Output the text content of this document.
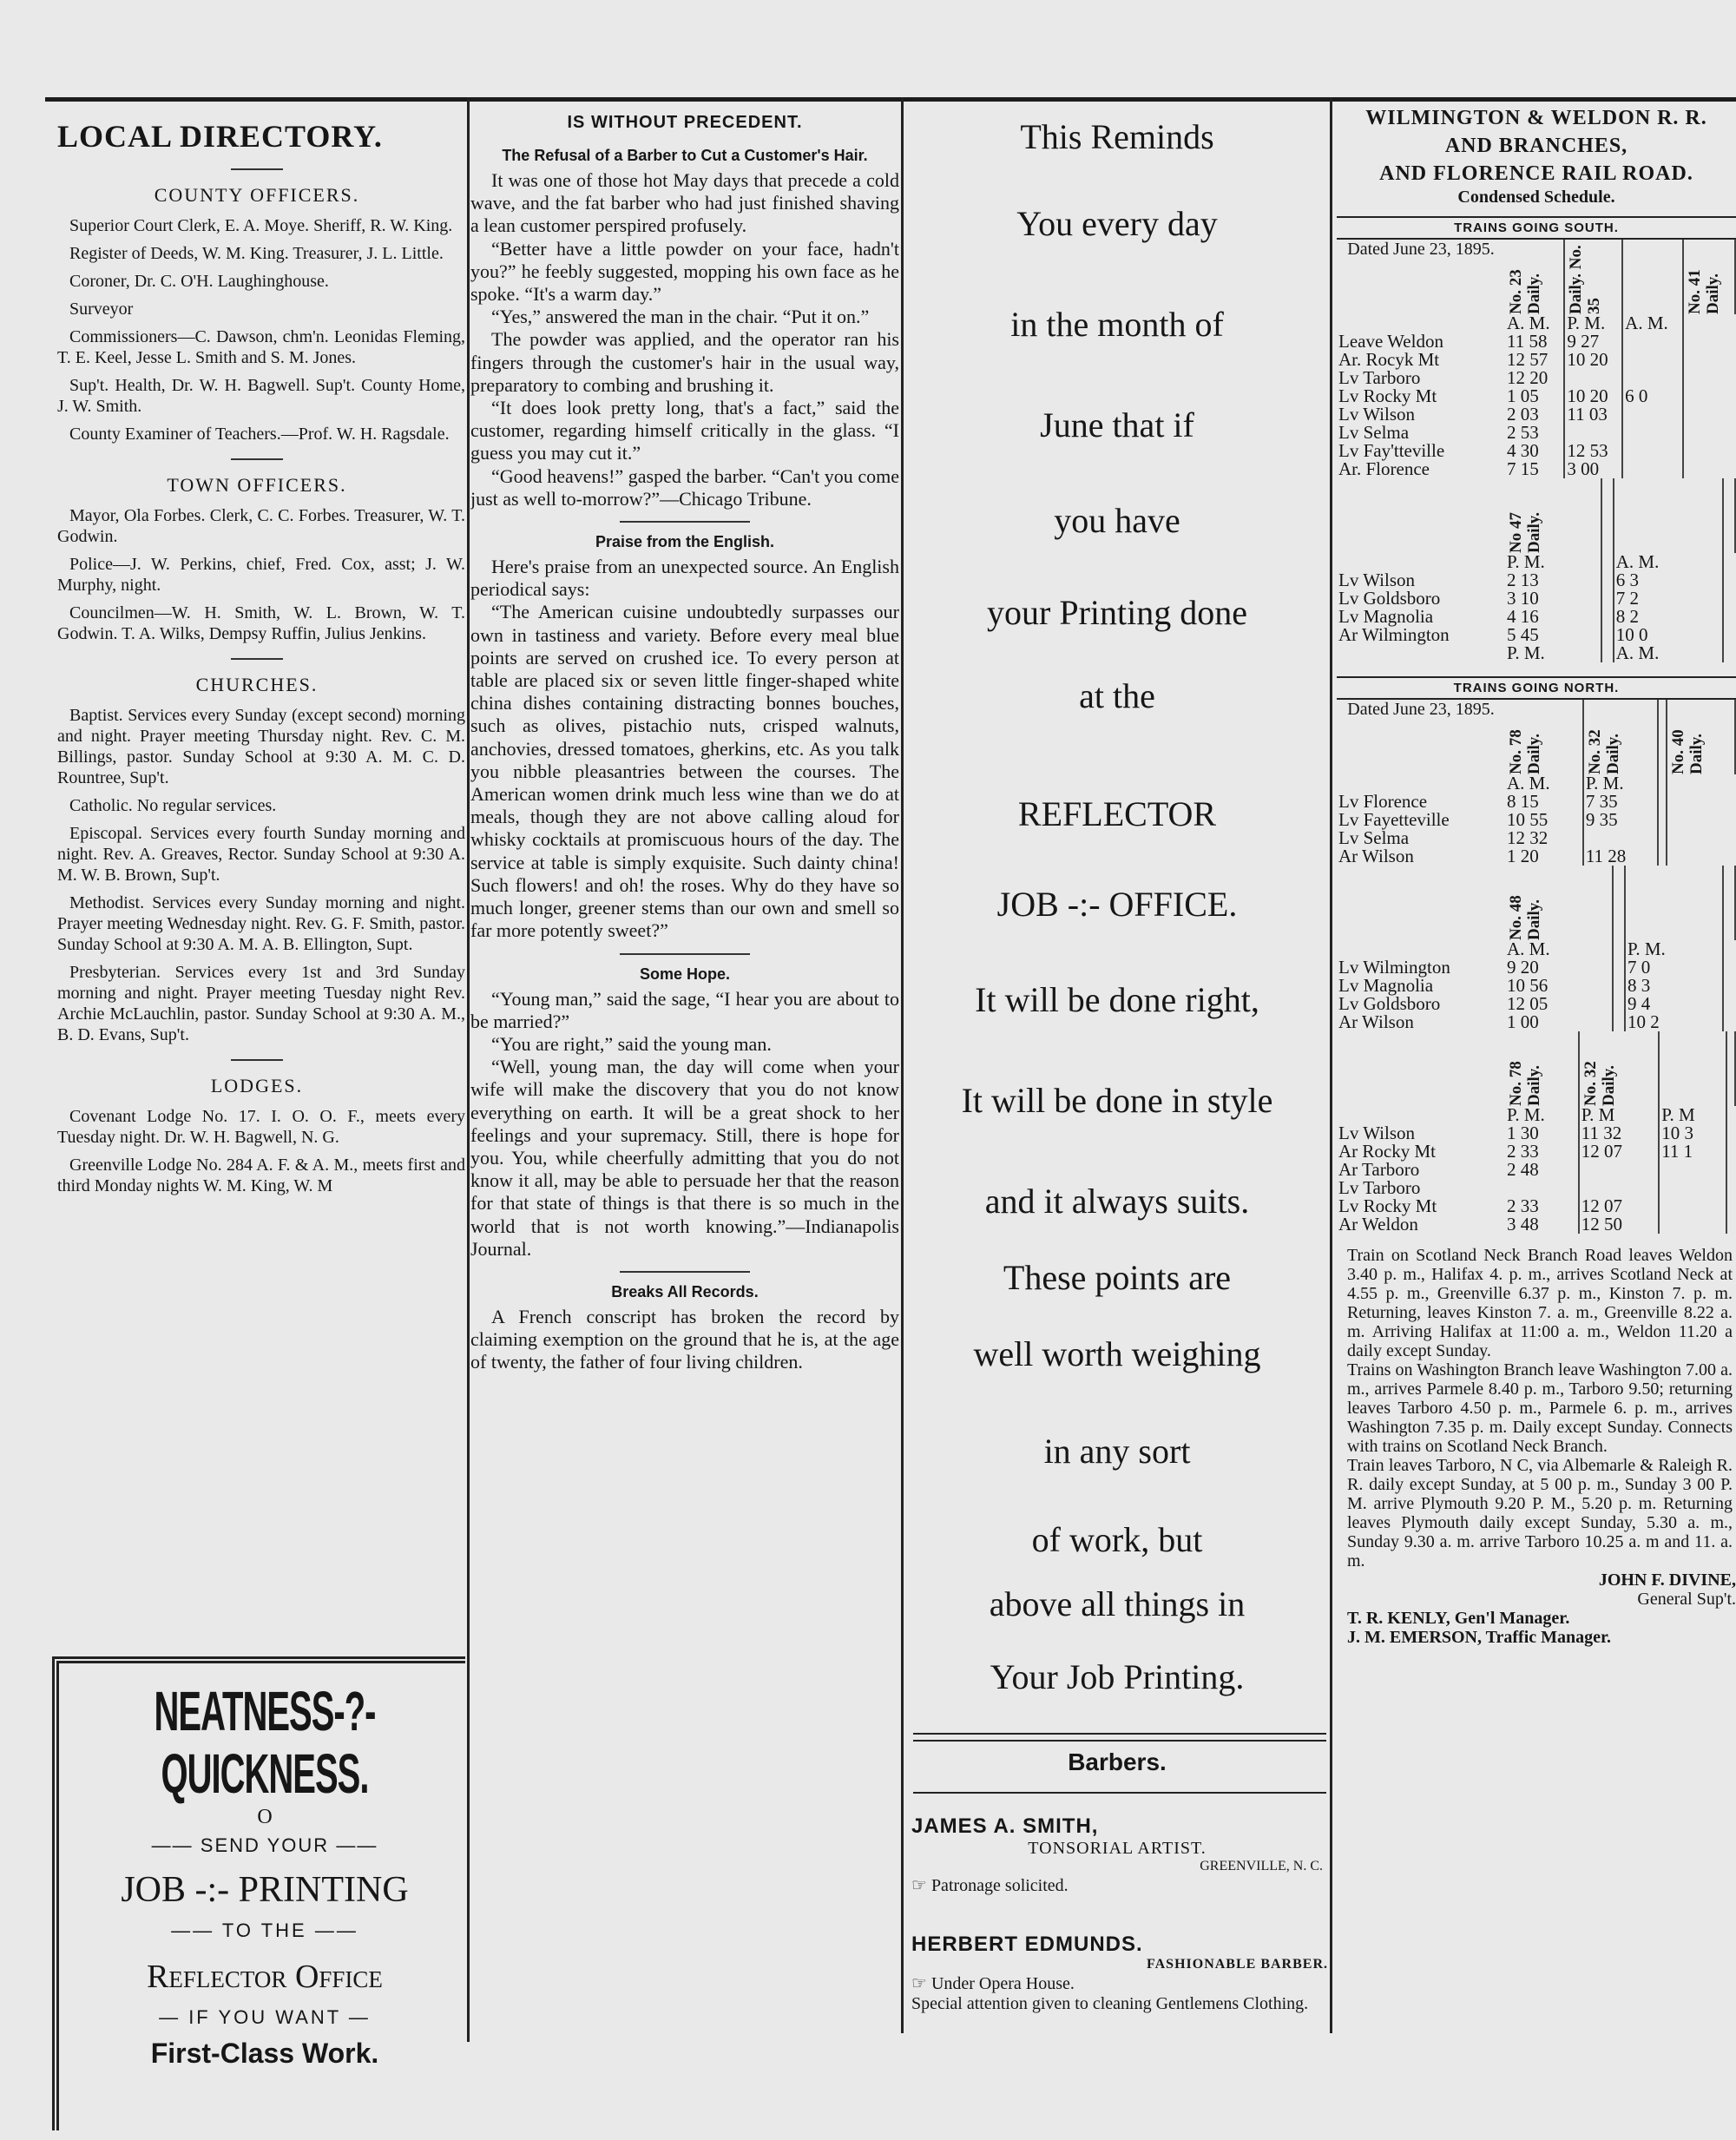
LOCAL DIRECTORY.
COUNTY OFFICERS.

Superior Court Clerk, E. A. Moye. Sheriff, R. W. King.

Register of Deeds, W. M. King. Treasurer, J. L. Little.

Coroner, Dr. C. O'H. Laughinghouse.

Surveyor

Commissioners—C. Dawson, chm'n. Leonidas Fleming, T. E. Keel, Jesse L. Smith and S. M. Jones.

Sup't. Health, Dr. W. H. Bagwell. Sup't. County Home, J. W. Smith.

County Examiner of Teachers.—Prof. W. H. Ragsdale.

TOWN OFFICERS.

Mayor, Ola Forbes. Clerk, C. C. Forbes. Treasurer, W. T. Godwin.

Police—J. W. Perkins, chief, Fred. Cox, asst; J. W. Murphy, night.

Councilmen—W. H. Smith, W. L. Brown, W. T. Godwin. T. A. Wilks, Dempsy Ruffin, Julius Jenkins.

CHURCHES.

Baptist. Services every Sunday (except second) morning and night. Prayer meeting Thursday night. Rev. C. M. Billings, pastor. Sunday School at 9:30 A. M. C. D. Rountree, Sup't.

Catholic. No regular services.

Episcopal. Services every fourth Sunday morning and night. Rev. A. Greaves, Rector. Sunday School at 9:30 A. M. W. B. Brown, Sup't.

Methodist. Services every Sunday morning and night. Prayer meeting Wednesday night. Rev. G. F. Smith, pastor. Sunday School at 9:30 A. M. A. B. Ellington, Supt.

Presbyterian. Services every 1st and 3rd Sunday morning and night. Prayer meeting Tuesday night Rev. Archie McLauchlin, pastor. Sunday School at 9:30 A. M., B. D. Evans, Sup't.

LODGES.

Covenant Lodge No. 17. I. O. O. F., meets every Tuesday night. Dr. W. H. Bagwell, N. G.

Greenville Lodge No. 284 A. F. & A. M., meets first and third Monday nights W. M. King, W. M

NEATNESS-?-QUICKNESS.
O
—— SEND YOUR ——
JOB -:- PRINTING
—— TO THE ——
Reflector Office
— IF YOU WANT —
First-Class Work.
IS WITHOUT PRECEDENT.
The Refusal of a Barber to Cut a Customer's Hair.

It was one of those hot May days that precede a cold wave, and the fat barber who had just finished shaving a lean customer perspired profusely.

“Better have a little powder on your face, hadn't you?” he feebly suggested, mopping his own face as he spoke. “It's a warm day.”

“Yes,” answered the man in the chair. “Put it on.”

The powder was applied, and the operator ran his fingers through the customer's hair in the usual way, preparatory to combing and brushing it.

“It does look pretty long, that's a fact,” said the customer, regarding himself critically in the glass. “I guess you may cut it.”

“Good heavens!” gasped the barber. “Can't you come just as well to-morrow?”—Chicago Tribune.

Praise from the English.

Here's praise from an unexpected source. An English periodical says:

“The American cuisine undoubtedly surpasses our own in tastiness and variety. Before every meal blue points are served on crushed ice. To every person at table are placed six or seven little finger-shaped white china dishes containing distracting bonnes bouches, such as olives, pistachio nuts, crisped walnuts, anchovies, dressed tomatoes, gherkins, etc. As you talk you nibble pleasantries between the courses. The American women drink much less wine than we do at meals, though they are not above calling aloud for whisky cocktails at promiscuous hours of the day. The service at table is simply exquisite. Such dainty china! Such flowers! and oh! the roses. Why do they have so much longer, greener stems than our own and smell so far more potently sweet?”

Some Hope.

“Young man,” said the sage, “I hear you are about to be married?”

“You are right,” said the young man.

“Well, young man, the day will come when your wife will make the discovery that you do not know everything on earth. It will be a great shock to her feelings and your supremacy. Still, there is hope for you. You, while cheerfully admitting that you do not know it all, may be able to persuade her that the reason for that state of things is that there is so much in the world that is not worth knowing.”—Indianapolis Journal.

Breaks All Records.

A French conscript has broken the record by claiming exemption on the ground that he is, at the age of twenty, the father of four living children.

This Reminds

You every day

in the month of

June that if

you have

your Printing done

at the

REFLECTOR

JOB -:- OFFICE.

It will be done right,

It will be done in style

and it always suits.

These points are

well worth weighing

in any sort

of work, but

above all things in

Your Job Printing.

Barbers.
JAMES A. SMITH,
TONSORIAL ARTIST.
GREENVILLE, N. C.
☞ Patronage solicited.
HERBERT EDMUNDS.
FASHIONABLE BARBER.
☞ Under Opera House.
Special attention given to cleaning Gentlemens Clothing.
WILMINGTON & WELDON R. R.
AND BRANCHES,
AND FLORENCE RAIL ROAD.
Condensed Schedule.
TRAINS GOING SOUTH.
Dated June 23, 1895.	No. 23 Daily.	Daily. No. 35		No. 41 Daily.

	A. M.	P. M.	A. M.	
Leave Weldon	11 58	9 27		
Ar. Rocyk Mt	12 57	10 20		
Lv Tarboro	12 20			
Lv Rocky Mt	1 05	10 20	6 0	
Lv Wilson	2 03	11 03		
Lv Selma	2 53			
Lv Fay'tteville	4 30	12 53		
Ar. Florence	7 15	3 00		

	No 47 Daily.			

	P. M.		A. M.	
Lv Wilson	2 13		6 3	
Lv Goldsboro	3 10		7 2	
Lv Magnolia	4 16		8 2	
Ar Wilmington	5 45		10 0	
	P. M.		A. M.	
TRAINS GOING NORTH.
Dated June 23, 1895.	No. 78 Daily.	No. 32 Daily.		No. 40 Daily.

	A. M.	P. M.		
Lv Florence	8 15	7 35		
Lv Fayetteville	10 55	9 35		
Lv Selma	12 32			
Ar Wilson	1 20	11 28		

	No. 48 Daily.			

	A. M.		P. M.	
Lv Wilmington	9 20		7 0	
Lv Magnolia	10 56		8 3	
Lv Goldsboro	12 05		9 4	
Ar Wilson	1 00		10 2	

	No. 78 Daily.	No. 32 Daily.		

	P. M.	P. M	P. M	
Lv Wilson	1 30	11 32	10 3	
Ar Rocky Mt	2 33	12 07	11 1	
Ar Tarboro	2 48			
Lv Tarboro				
Lv Rocky Mt	2 33	12 07		
Ar Weldon	3 48	12 50		

Train on Scotland Neck Branch Road leaves Weldon 3.40 p. m., Halifax 4. p. m., arrives Scotland Neck at 4.55 p. m., Greenville 6.37 p. m., Kinston 7. p. m. Returning, leaves Kinston 7. a. m., Greenville 8.22 a. m. Arriving Halifax at 11:00 a. m., Weldon 11.20 a daily except Sunday.

Trains on Washington Branch leave Washington 7.00 a. m., arrives Parmele 8.40 p. m., Tarboro 9.50; returning leaves Tarboro 4.50 p. m., Parmele 6. p. m., arrives Washington 7.35 p. m. Daily except Sunday. Connects with trains on Scotland Neck Branch.

Train leaves Tarboro, N C, via Albemarle & Raleigh R. R. daily except Sunday, at 5 00 p. m., Sunday 3 00 P. M. arrive Plymouth 9.20 P. M., 5.20 p. m. Returning leaves Plymouth daily except Sunday, 5.30 a. m., Sunday 9.30 a. m. arrive Tarboro 10.25 a. m and 11. a. m.

JOHN F. DIVINE,

General Sup't.

T. R. KENLY, Gen'l Manager.

J. M. EMERSON, Traffic Manager.
